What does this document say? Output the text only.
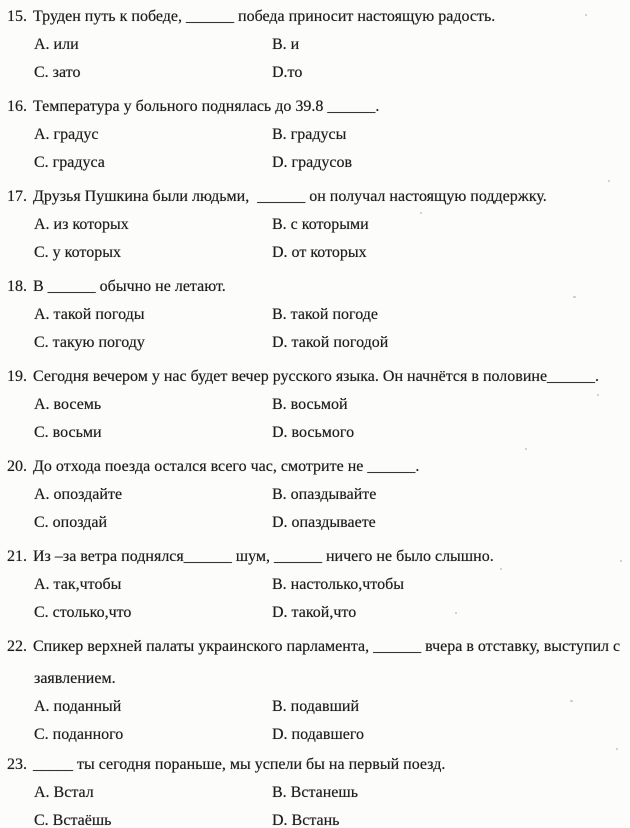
15. Труден путь к победе, ______ победа приносит настоящую радость.
A. или	B. и
C. зато	D.то
16. Температура у больного поднялась до 39.8 ______.
A. градус	B. градусы
C. градуса	D. градусов
17. Друзья Пушкина были людьми,  ______ он получал настоящую поддержку.
A. из которых	B. с которыми
C. у которых	D. от которых
18. В ______ обычно не летают.
A. такой погоды	B. такой погоде
C. такую погоду	D. такой погодой
19. Сегодня вечером у нас будет вечер русского языка. Он начнётся в половине______.
A. восемь	B. восьмой
C. восьми	D. восьмого
20. До отхода поезда остался всего час, смотрите не ______.
A. опоздайте	B. опаздывайте
C. опоздай	D. опаздываете
21. Из –за ветра поднялся______ шум, ______ ничего не было слышно.
A. так,чтобы	B. настолько,чтобы
C. столько,что	D. такой,что
22. Спикер верхней палаты украинского парламента, ______ вчера в отставку, выступил с
заявлением.
A. поданный	B. подавший
C. поданного	D. подавшего
23. _____ ты сегодня пораньше, мы успели бы на первый поезд.
A. Встал	B. Встанешь
C. Встаёшь	D. Встань
